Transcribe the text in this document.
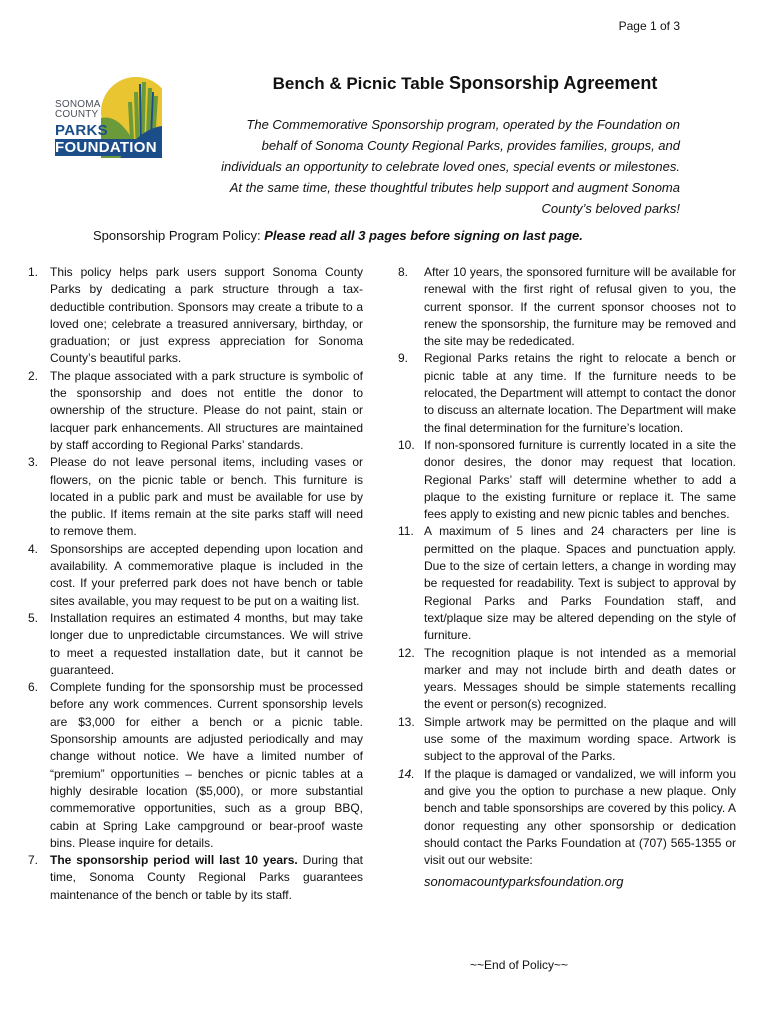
Page 1 of 3
SONOMA
COUNTY
PARKS
FOUNDATION
Bench & Picnic Table Sponsorship Agreement
The Commemorative Sponsorship program, operated by the Foundation on behalf of Sonoma County Regional Parks, provides families, groups, and individuals an opportunity to celebrate loved ones, special events or milestones. At the same time, these thoughtful tributes help support and augment Sonoma County’s beloved parks!
Sponsorship Program Policy: Please read all 3 pages before signing on last page.
1. This policy helps park users support Sonoma County Parks by dedicating a park structure through a tax-deductible contribution. Sponsors may create a tribute to a loved one; celebrate a treasured anniversary, birthday, or graduation; or just express appreciation for Sonoma County’s beautiful parks.
2. The plaque associated with a park structure is symbolic of the sponsorship and does not entitle the donor to ownership of the structure. Please do not paint, stain or lacquer park enhancements. All structures are maintained by staff according to Regional Parks’ standards.
3. Please do not leave personal items, including vases or flowers, on the picnic table or bench. This furniture is located in a public park and must be available for use by the public. If items remain at the site parks staff will need to remove them.
4. Sponsorships are accepted depending upon location and availability. A commemorative plaque is included in the cost. If your preferred park does not have bench or table sites available, you may request to be put on a waiting list.
5. Installation requires an estimated 4 months, but may take longer due to unpredictable circumstances. We will strive to meet a requested installation date, but it cannot be guaranteed.
6. Complete funding for the sponsorship must be processed before any work commences. Current sponsorship levels are $3,000 for either a bench or a picnic table. Sponsorship amounts are adjusted periodically and may change without notice. We have a limited number of “premium” opportunities – benches or picnic tables at a highly desirable location ($5,000), or more substantial commemorative opportunities, such as a group BBQ, cabin at Spring Lake campground or bear-proof waste bins. Please inquire for details.
7. The sponsorship period will last 10 years. During that time, Sonoma County Regional Parks guarantees maintenance of the bench or table by its staff.
8.	After 10 years, the sponsored furniture will be available for renewal with the first right of refusal given to you, the current sponsor. If the current sponsor chooses not to renew the sponsorship, the furniture may be removed and the site may be rededicated.
9.	Regional Parks retains the right to relocate a bench or picnic table at any time. If the furniture needs to be relocated, the Department will attempt to contact the donor to discuss an alternate location. The Department will make the final determination for the furniture’s location.
10. If non-sponsored furniture is currently located in a site the donor desires, the donor may request that location. Regional Parks’ staff will determine whether to add a plaque to the existing furniture or replace it. The same fees apply to existing and new picnic tables and benches.
11. A maximum of 5 lines and 24 characters per line is permitted on the plaque. Spaces and punctuation apply. Due to the size of certain letters, a change in wording may be requested for readability. Text is subject to approval by Regional Parks and Parks Foundation staff, and text/plaque size may be altered depending on the style of furniture.
12. The recognition plaque is not intended as a memorial marker and may not include birth and death dates or years. Messages should be simple statements recalling the event or person(s) recognized.
13. Simple artwork may be permitted on the plaque and will use some of the maximum wording space. Artwork is subject to the approval of the Parks.
14. If the plaque is damaged or vandalized, we will inform you and give you the option to purchase a new plaque. Only bench and table sponsorships are covered by this policy. A donor requesting any other sponsorship or dedication should contact the Parks Foundation at (707) 565-1355 or visit out our website:
sonomacountyparksfoundation.org
~~End of Policy~~
